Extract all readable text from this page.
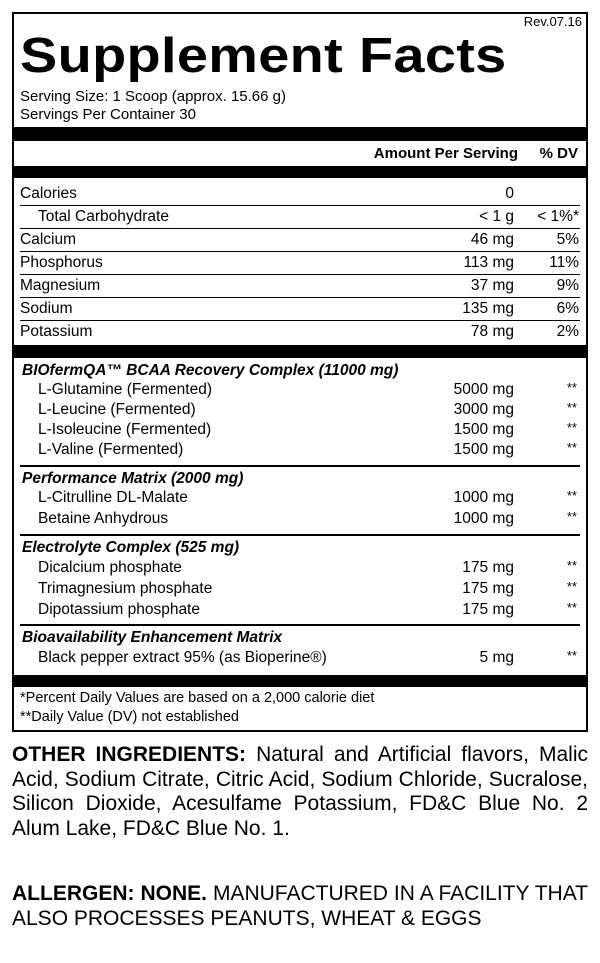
Rev.07.16
Supplement Facts
Serving Size: 1 Scoop (approx. 15.66 g)
Servings Per Container 30
Amount Per Serving % DV
Calories	0
Total Carbohydrate	< 1 g < 1%*
Calcium	46 mg	5%
Phosphorus	113 mg 11%
Magnesium	37 mg	9%
Sodium	135 mg	6%
Potassium	78 mg	2%
BIOfermQA™ BCAA Recovery Complex (11000 mg)
L-Glutamine (Fermented)	5000 mg	**
L-Leucine (Fermented)	3000 mg	**
L-Isoleucine (Fermented)	1500 mg	**
L-Valine (Fermented)	1500 mg	**
Performance Matrix (2000 mg)
L-Citrulline DL-Malate	1000 mg	**
Betaine Anhydrous	1000 mg	**
Electrolyte Complex (525 mg)
Dicalcium phosphate	175 mg	**
Trimagnesium phosphate	175 mg	**
Dipotassium phosphate	175 mg	**
Bioavailability Enhancement Matrix
Black pepper extract 95% (as Bioperine®)	5 mg	**
*Percent Daily Values are based on a 2,000 calorie diet
**Daily Value (DV) not established
OTHER INGREDIENTS: Natural and Artificial flavors, Malic Acid, Sodium Citrate, Citric Acid, Sodium Chloride, Sucralose, Silicon Dioxide, Acesulfame Potassium, FD&C Blue No. 2 Alum Lake, FD&C Blue No. 1.
ALLERGEN: NONE. MANUFACTURED IN A FACILITY THAT ALSO PROCESSES PEANUTS, WHEAT & EGGS
